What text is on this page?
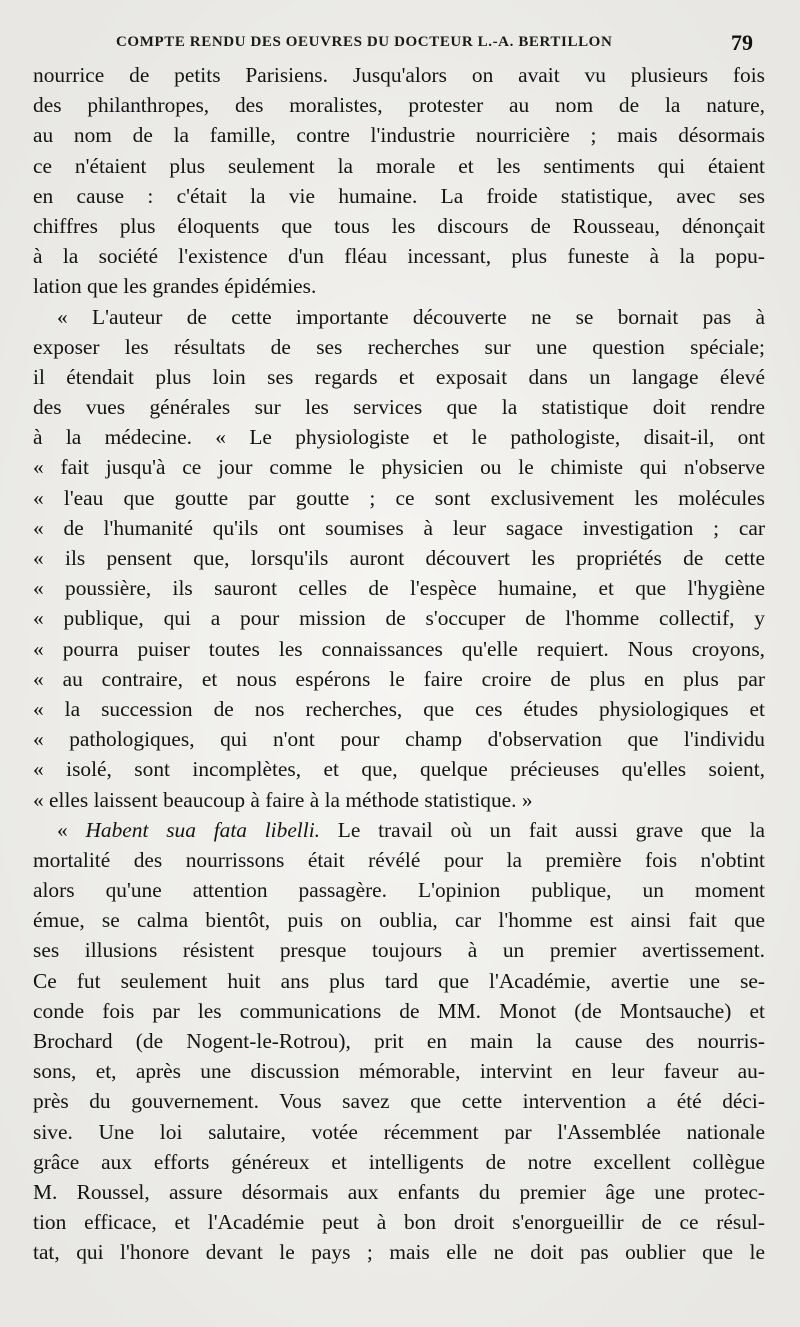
COMPTE RENDU DES OEUVRES DU DOCTEUR L.-A. BERTILLON	79
nourrice de petits Parisiens. Jusqu'alors on avait vu plusieurs fois
des philanthropes, des moralistes, protester au nom de la nature,
au nom de la famille, contre l'industrie nourricière ; mais désormais
ce n'étaient plus seulement la morale et les sentiments qui étaient
en cause : c'était la vie humaine. La froide statistique, avec ses
chiffres plus éloquents que tous les discours de Rousseau, dénonçait
à la société l'existence d'un fléau incessant, plus funeste à la popu-
lation que les grandes épidémies.
« L'auteur de cette importante découverte ne se bornait pas à
exposer les résultats de ses recherches sur une question spéciale;
il étendait plus loin ses regards et exposait dans un langage élevé
des vues générales sur les services que la statistique doit rendre
à la médecine. « Le physiologiste et le pathologiste, disait-il, ont
« fait jusqu'à ce jour comme le physicien ou le chimiste qui n'observe
« l'eau que goutte par goutte ; ce sont exclusivement les molécules
« de l'humanité qu'ils ont soumises à leur sagace investigation ; car
« ils pensent que, lorsqu'ils auront découvert les propriétés de cette
« poussière, ils sauront celles de l'espèce humaine, et que l'hygiène
« publique, qui a pour mission de s'occuper de l'homme collectif, y
« pourra puiser toutes les connaissances qu'elle requiert. Nous croyons,
« au contraire, et nous espérons le faire croire de plus en plus par
« la succession de nos recherches, que ces études physiologiques et
« pathologiques, qui n'ont pour champ d'observation que l'individu
« isolé, sont incomplètes, et que, quelque précieuses qu'elles soient,
« elles laissent beaucoup à faire à la méthode statistique. »
« Habent sua fata libelli. Le travail où un fait aussi grave que la
mortalité des nourrissons était révélé pour la première fois n'obtint
alors qu'une attention passagère. L'opinion publique, un moment
émue, se calma bientôt, puis on oublia, car l'homme est ainsi fait que
ses illusions résistent presque toujours à un premier avertissement.
Ce fut seulement huit ans plus tard que l'Académie, avertie une se-
conde fois par les communications de MM. Monot (de Montsauche) et
Brochard (de Nogent-le-Rotrou), prit en main la cause des nourris-
sons, et, après une discussion mémorable, intervint en leur faveur au-
près du gouvernement. Vous savez que cette intervention a été déci-
sive. Une loi salutaire, votée récemment par l'Assemblée nationale
grâce aux efforts généreux et intelligents de notre excellent collègue
M. Roussel, assure désormais aux enfants du premier âge une protec-
tion efficace, et l'Académie peut à bon droit s'enorgueillir de ce résul-
tat, qui l'honore devant le pays ; mais elle ne doit pas oublier que le
